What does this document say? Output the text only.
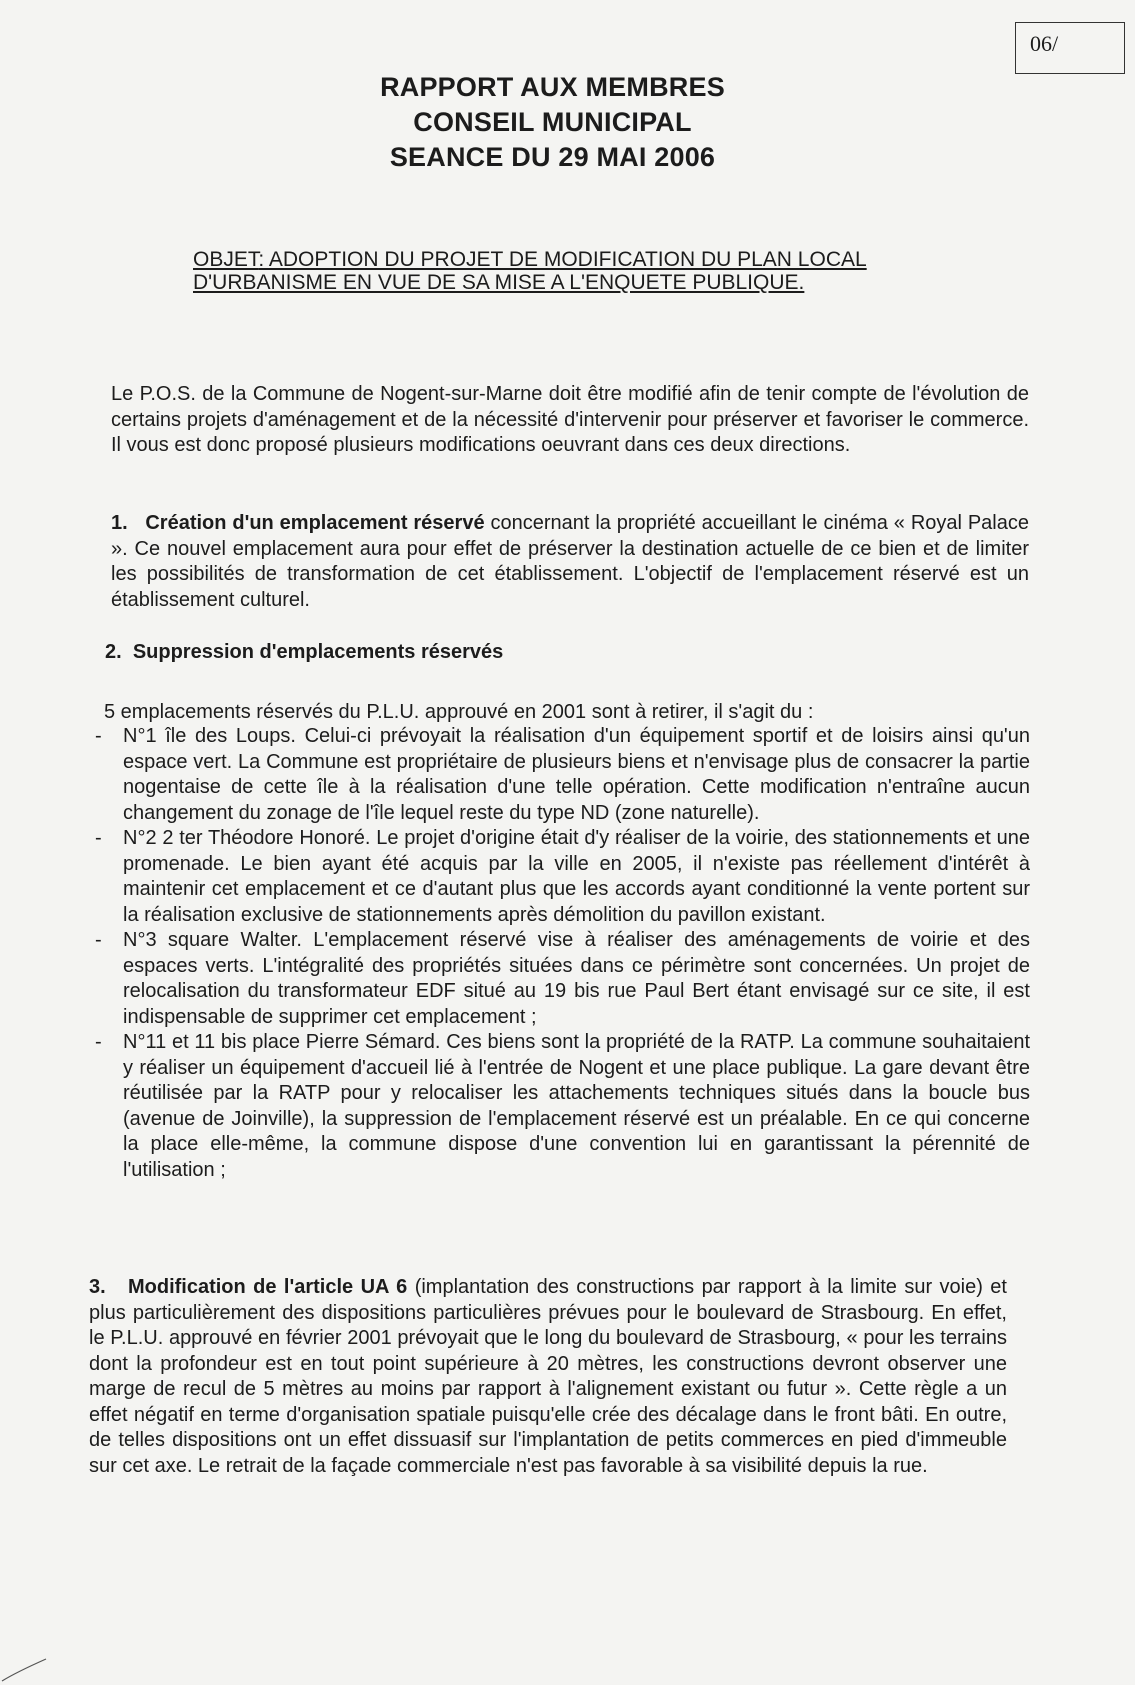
06/
RAPPORT AUX MEMBRES
CONSEIL MUNICIPAL
SEANCE DU 29 MAI 2006
OBJET: ADOPTION DU PROJET DE MODIFICATION DU PLAN LOCAL D'URBANISME EN VUE DE SA MISE A L'ENQUETE PUBLIQUE.
Le P.O.S. de la Commune de Nogent-sur-Marne doit être modifié afin de tenir compte de l'évolution de certains projets d'aménagement et de la nécessité d'intervenir pour préserver et favoriser le commerce. Il vous est donc proposé plusieurs modifications oeuvrant dans ces deux directions.
1. Création d'un emplacement réservé concernant la propriété accueillant le cinéma « Royal Palace ». Ce nouvel emplacement aura pour effet de préserver la destination actuelle de ce bien et de limiter les possibilités de transformation de cet établissement. L'objectif de l'emplacement réservé est un établissement culturel.
2. Suppression d'emplacements réservés
5 emplacements réservés du P.L.U. approuvé en 2001 sont à retirer, il s'agit du :
-	N°1 île des Loups. Celui-ci prévoyait la réalisation d'un équipement sportif et de loisirs ainsi qu'un espace vert. La Commune est propriétaire de plusieurs biens et n'envisage plus de consacrer la partie nogentaise de cette île à la réalisation d'une telle opération. Cette modification n'entraîne aucun changement du zonage de l'île lequel reste du type ND (zone naturelle).
-	N°2 2 ter Théodore Honoré. Le projet d'origine était d'y réaliser de la voirie, des stationnements et une promenade. Le bien ayant été acquis par la ville en 2005, il n'existe pas réellement d'intérêt à maintenir cet emplacement et ce d'autant plus que les accords ayant conditionné la vente portent sur la réalisation exclusive de stationnements après démolition du pavillon existant.
-	N°3 square Walter. L'emplacement réservé vise à réaliser des aménagements de voirie et des espaces verts. L'intégralité des propriétés situées dans ce périmètre sont concernées. Un projet de relocalisation du transformateur EDF situé au 19 bis rue Paul Bert étant envisagé sur ce site, il est indispensable de supprimer cet emplacement ;
-	N°11 et 11 bis place Pierre Sémard. Ces biens sont la propriété de la RATP. La commune souhaitaient y réaliser un équipement d'accueil lié à l'entrée de Nogent et une place publique. La gare devant être réutilisée par la RATP pour y relocaliser les attachements techniques situés dans la boucle bus (avenue de Joinville), la suppression de l'emplacement réservé est un préalable. En ce qui concerne la place elle-même, la commune dispose d'une convention lui en garantissant la pérennité de l'utilisation ;
3. Modification de l'article UA 6 (implantation des constructions par rapport à la limite sur voie) et plus particulièrement des dispositions particulières prévues pour le boulevard de Strasbourg. En effet, le P.L.U. approuvé en février 2001 prévoyait que le long du boulevard de Strasbourg, « pour les terrains dont la profondeur est en tout point supérieure à 20 mètres, les constructions devront observer une marge de recul de 5 mètres au moins par rapport à l'alignement existant ou futur ». Cette règle a un effet négatif en terme d'organisation spatiale puisqu'elle crée des décalage dans le front bâti. En outre, de telles dispositions ont un effet dissuasif sur l'implantation de petits commerces en pied d'immeuble sur cet axe. Le retrait de la façade commerciale n'est pas favorable à sa visibilité depuis la rue.
